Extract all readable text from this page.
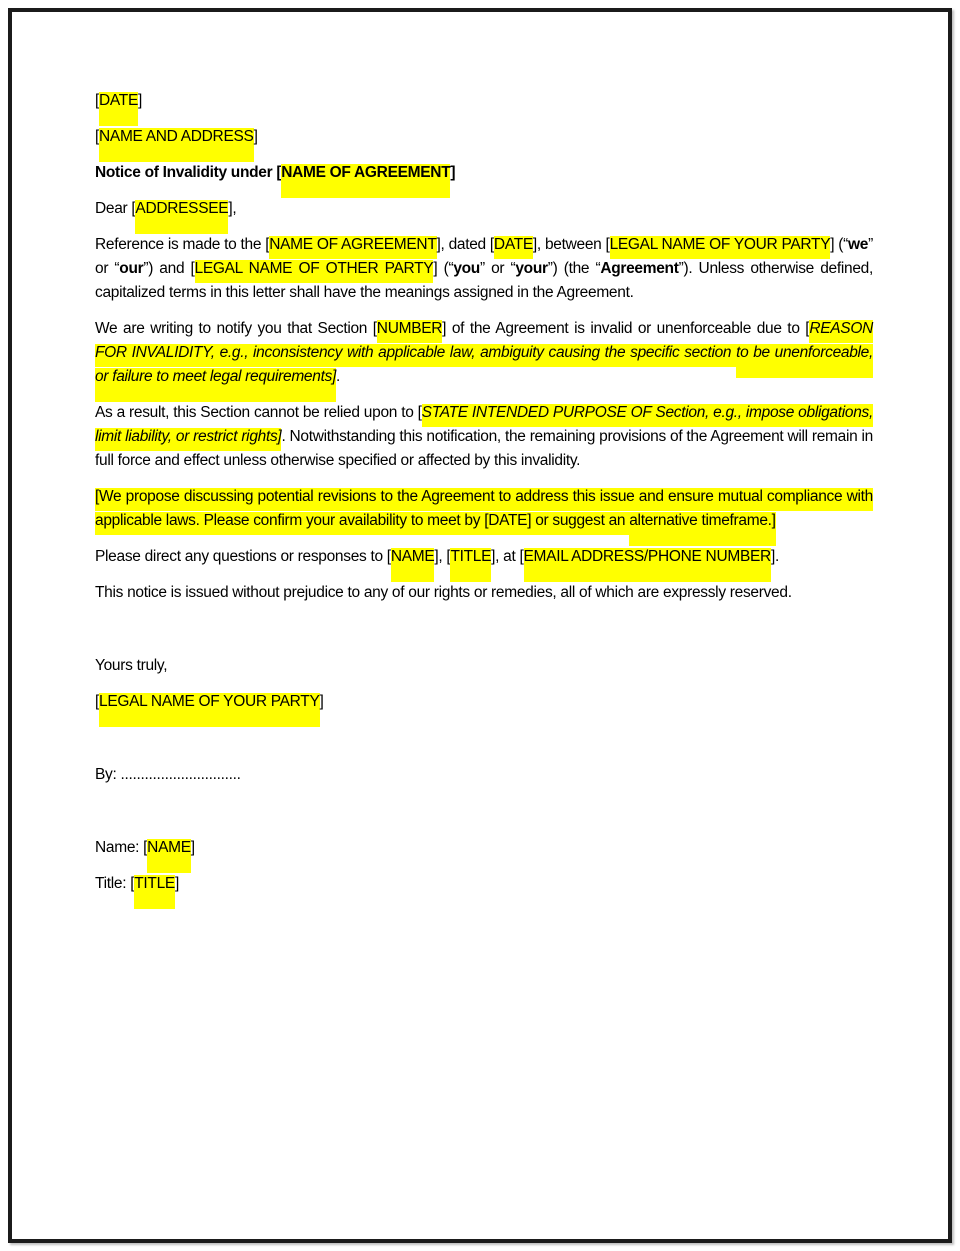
[DATE]

[NAME AND ADDRESS]

Notice of Invalidity under [NAME OF AGREEMENT]

Dear [ADDRESSEE],

Reference is made to the [NAME OF AGREEMENT], dated [DATE], between [LEGAL NAME OF YOUR PARTY] (“we” or “our”) and [LEGAL NAME OF OTHER PARTY] (“you” or “your”) (the “Agreement”). Unless otherwise defined, capitalized terms in this letter shall have the meanings assigned in the Agreement.

We are writing to notify you that Section [NUMBER] of the Agreement is invalid or unenforceable due to [REASON FOR INVALIDITY, e.g., inconsistency with applicable law, ambiguity causing the specific section to be unenforceable, or failure to meet legal requirements].

As a result, this Section cannot be relied upon to [STATE INTENDED PURPOSE OF Section, e.g., impose obligations, limit liability, or restrict rights]. Notwithstanding this notification, the remaining provisions of the Agreement will remain in full force and effect unless otherwise specified or affected by this invalidity.

[We propose discussing potential revisions to the Agreement to address this issue and ensure mutual compliance with applicable laws. Please confirm your availability to meet by [DATE] or suggest an alternative timeframe.]

Please direct any questions or responses to [NAME], [TITLE], at [EMAIL ADDRESS/PHONE NUMBER].

This notice is issued without prejudice to any of our rights or remedies, all of which are expressly reserved.

Yours truly,

[LEGAL NAME OF YOUR PARTY]

By: ..............................

Name: [NAME]

Title: [TITLE]
